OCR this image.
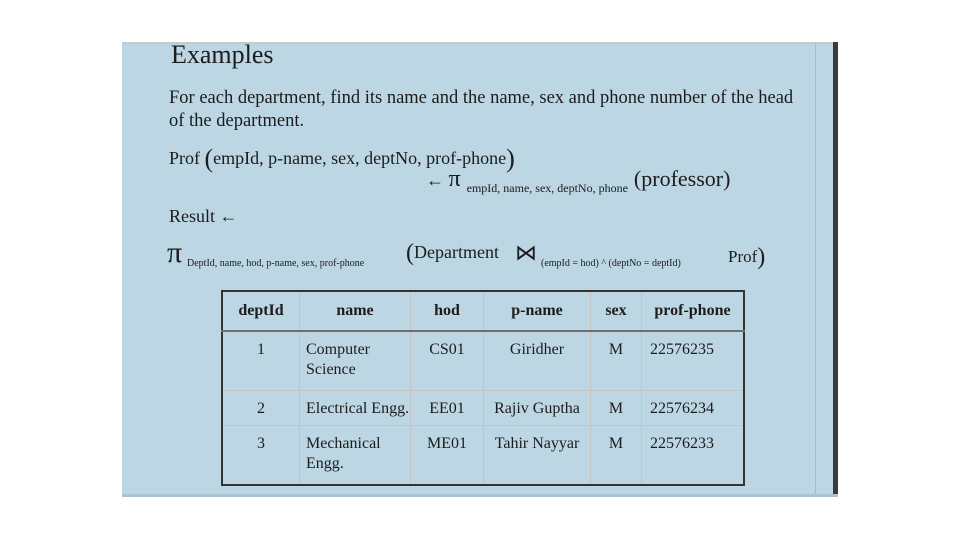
Examples
For each department, find its name and the name, sex and phone number of the head of the department.
Prof (empId, p-name, sex, deptNo, prof-phone)
← π $_{empId, name, sex, deptNo, phone}$ (professor)
Result ←
π DeptId, name, hod, p-name, sex, prof-phone (Department ⋈ (empId = hod) ^ (deptNo = deptId)	Prof)
deptId	name	hod	p-name	sex	prof-phone
1	Computer Science	CS01	Giridher	M	22576235
2	Electrical Engg.	EE01	Rajiv Guptha	M	22576234
3	Mechanical Engg.	ME01	Tahir Nayyar	M	22576233
